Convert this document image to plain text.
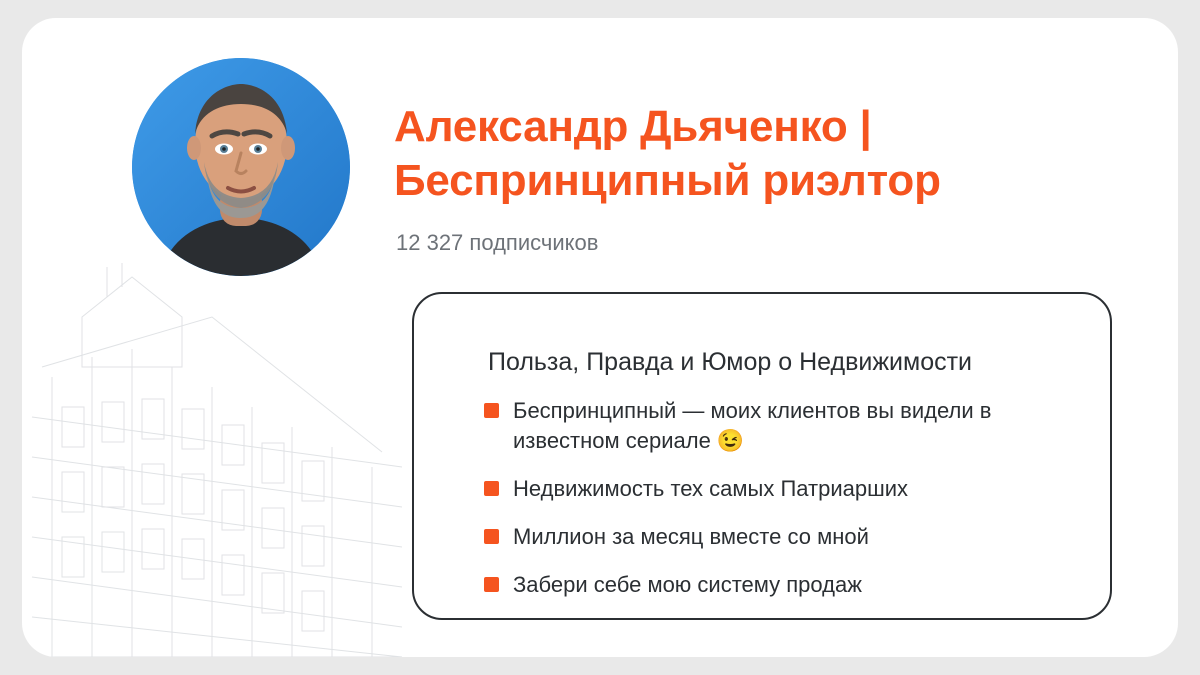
Александр Дьяченко | Беспринципный риэлтор
12 327 подписчиков
Польза, Правда и Юмор о Недвижимости
Беспринципный — моих клиентов вы видели в известном сериале 😉
Недвижимость тех самых Патриарших
Миллион за месяц вместе со мной
Забери себе мою систему продаж
